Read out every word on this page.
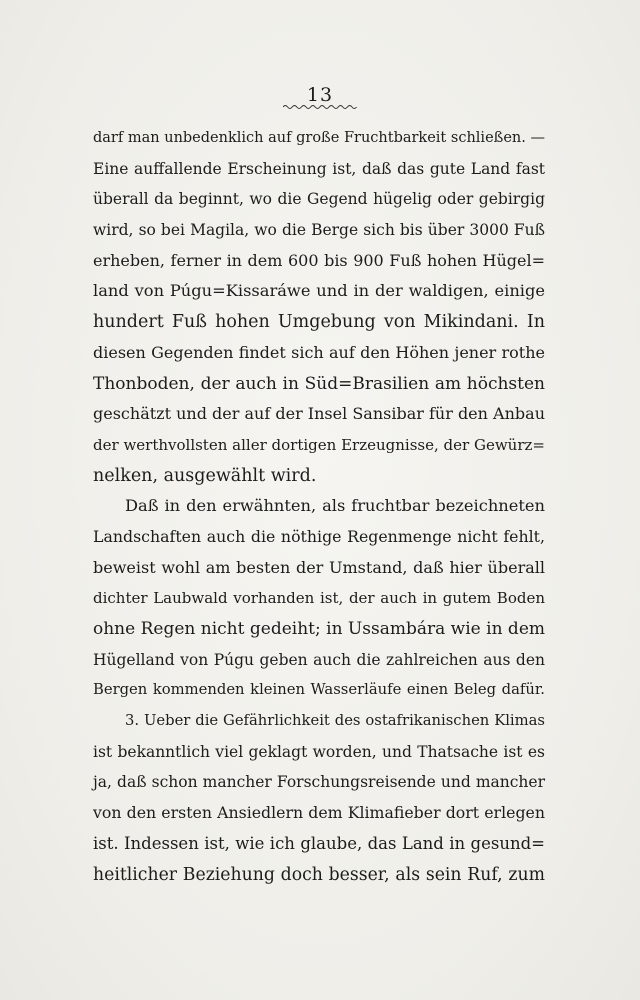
13
darf man unbedenklich auf große Fruchtbarkeit schließen. —
Eine auffallende Erscheinung ist, daß das gute Land fast
überall da beginnt, wo die Gegend hügelig oder gebirgig
wird, so bei Magila, wo die Berge sich bis über 3000 Fuß
erheben, ferner in dem 600 bis 900 Fuß hohen Hügel=
land von Púgu=Kissaráwe und in der waldigen, einige
hundert Fuß hohen Umgebung von Mikindani. In
diesen Gegenden findet sich auf den Höhen jener rothe
Thonboden, der auch in Süd=Brasilien am höchsten
geschätzt und der auf der Insel Sansibar für den Anbau
der werthvollsten aller dortigen Erzeugnisse, der Gewürz=
nelken, ausgewählt wird.
Daß in den erwähnten, als fruchtbar bezeichneten
Landschaften auch die nöthige Regenmenge nicht fehlt,
beweist wohl am besten der Umstand, daß hier überall
dichter Laubwald vorhanden ist, der auch in gutem Boden
ohne Regen nicht gedeiht; in Ussambára wie in dem
Hügelland von Púgu geben auch die zahlreichen aus den
Bergen kommenden kleinen Wasserläufe einen Beleg dafür.
3. Ueber die Gefährlichkeit des ostafrikanischen Klimas
ist bekanntlich viel geklagt worden, und Thatsache ist es
ja, daß schon mancher Forschungsreisende und mancher
von den ersten Ansiedlern dem Klimafieber dort erlegen
ist. Indessen ist, wie ich glaube, das Land in gesund=
heitlicher Beziehung doch besser, als sein Ruf, zum
